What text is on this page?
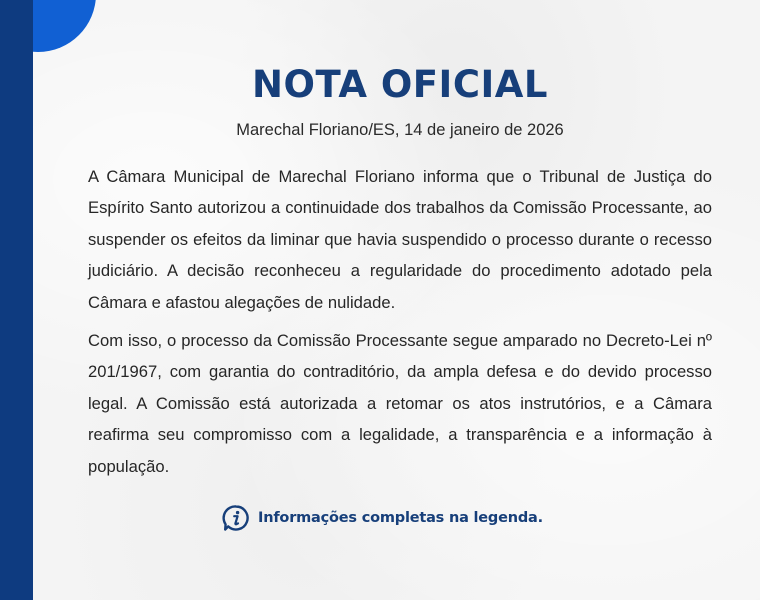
NOTA OFICIAL
Marechal Floriano/ES, 14 de janeiro de 2026

A Câmara Municipal de Marechal Floriano informa que o Tribunal de Justiça do Espírito Santo autorizou a continuidade dos trabalhos da Comissão Processante, ao suspender os efeitos da liminar que havia suspendido o processo durante o recesso judiciário. A decisão reconheceu a regularidade do procedimento adotado pela Câmara e afastou alegações de nulidade.

Com isso, o processo da Comissão Processante segue amparado no Decreto-Lei nº 201/1967, com garantia do contraditório, da ampla defesa e do devido processo legal. A Comissão está autorizada a retomar os atos instrutórios, e a Câmara reafirma seu compromisso com a legalidade, a transparência e a informação à população.

Informações completas na legenda.
